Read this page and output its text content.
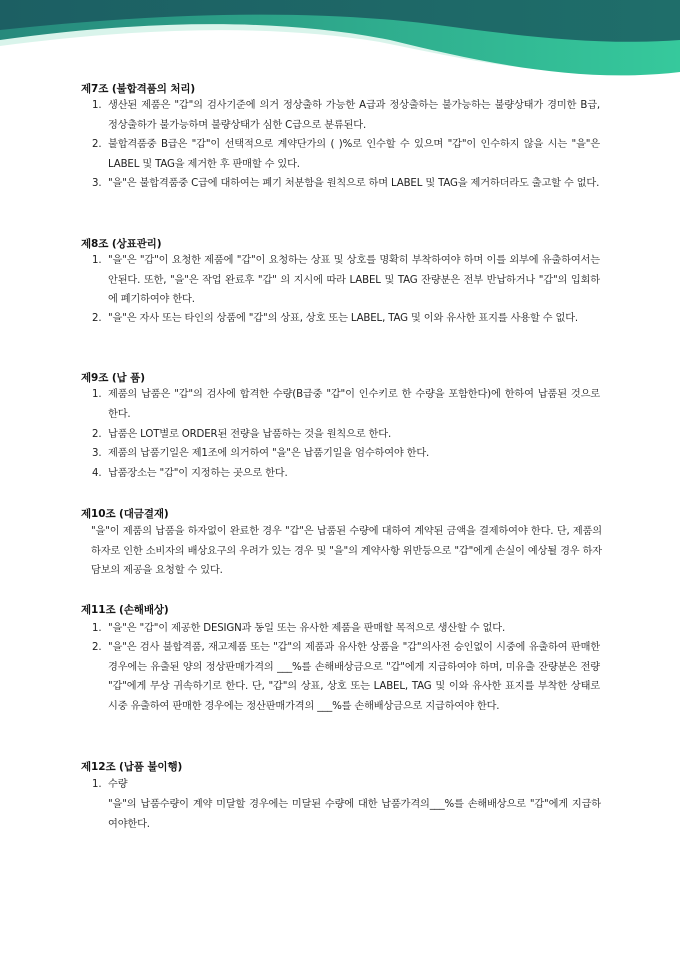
제7조 (불합격품의 처리)
1. 생산된 제품은 "갑"의 검사기준에 의거 정상출하 가능한 A급과 정상출하는 불가능하는 불량상태가 경미한 B급, 정상출하가 불가능하며 불량상태가 심한 C급으로 분류된다.
2. 불합격품중 B급은 "갑"이 선택적으로 계약단가의 ( )%로 인수할 수 있으며 "갑"이 인수하지 않을 시는 "을"은 LABEL 및 TAG을 제거한 후 판매할 수 있다.
3. "을"은 불합격품중 C급에 대하여는 폐기 처분함을 원칙으로 하며 LABEL 및 TAG을 제거하더라도 출고할 수 없다.
제8조 (상표관리)
1. "을"은 "갑"이 요청한 제품에 "갑"이 요청하는 상표 및 상호를 명확히 부착하여야 하며 이를 외부에 유출하여서는 안된다. 또한, "을"은 작업 완료후 "갑" 의 지시에 따라 LABEL 및 TAG 잔량분은 전부 반납하거나 "갑"의 입회하에 폐기하여야 한다.
2. "을"은 자사 또는 타인의 상품에 "갑"의 상표, 상호 또는 LABEL, TAG 및 이와 유사한 표지를 사용할 수 없다.
제9조 (납 품)
1. 제품의 납품은 "갑"의 검사에 합격한 수량(B급중 "갑"이 인수키로 한 수량을 포함한다)에 한하여 납품된 것으로 한다.
2. 납품은 LOT별로 ORDER된 전량을 납품하는 것을 원칙으로 한다.
3. 제품의 납품기일은 제1조에 의거하여 "을"은 납품기일을 엄수하여야 한다.
4. 납품장소는 "갑"이 지정하는 곳으로 한다.
제10조 (대금결재)
"을"이 제품의 납품을 하자없이 완료한 경우 "갑"은 납품된 수량에 대하여 계약된 금액을 결제하여야 한다. 단, 제품의 하자로 인한 소비자의 배상요구의 우려가 있는 경우 및 "을"의 계약사항 위반등으로 "갑"에게 손실이 예상될 경우 하자담보의 제공을 요청할 수 있다.
제11조 (손해배상)
1. "을"은 "갑"이 제공한 DESIGN과 동일 또는 유사한 제품을 판매할 목적으로 생산할 수 없다.
2. "을"은 검사 불합격품, 재고제품 또는 "갑"의 제품과 유사한 상품을 "갑"의사전 승인없이 시중에 유출하여 판매한 경우에는 유출된 양의 정상판매가격의 ___%를 손해배상금으로 "갑"에게 지급하여야 하며, 미유출 잔량분은 전량 "갑"에게 무상 귀속하기로 한다. 단, "갑"의 상표, 상호 또는 LABEL, TAG 및 이와 유사한 표지를 부착한 상태로 시중 유출하여 판매한 경우에는 정산판매가격의 ___%를 손해배상금으로 지급하여야 한다.
제12조 (납품 불이행)
1. 수량
"을"의 납품수량이 계약 미달할 경우에는 미달된 수량에 대한 납품가격의___%를 손해배상으로 "갑"에게 지급하여야한다.
